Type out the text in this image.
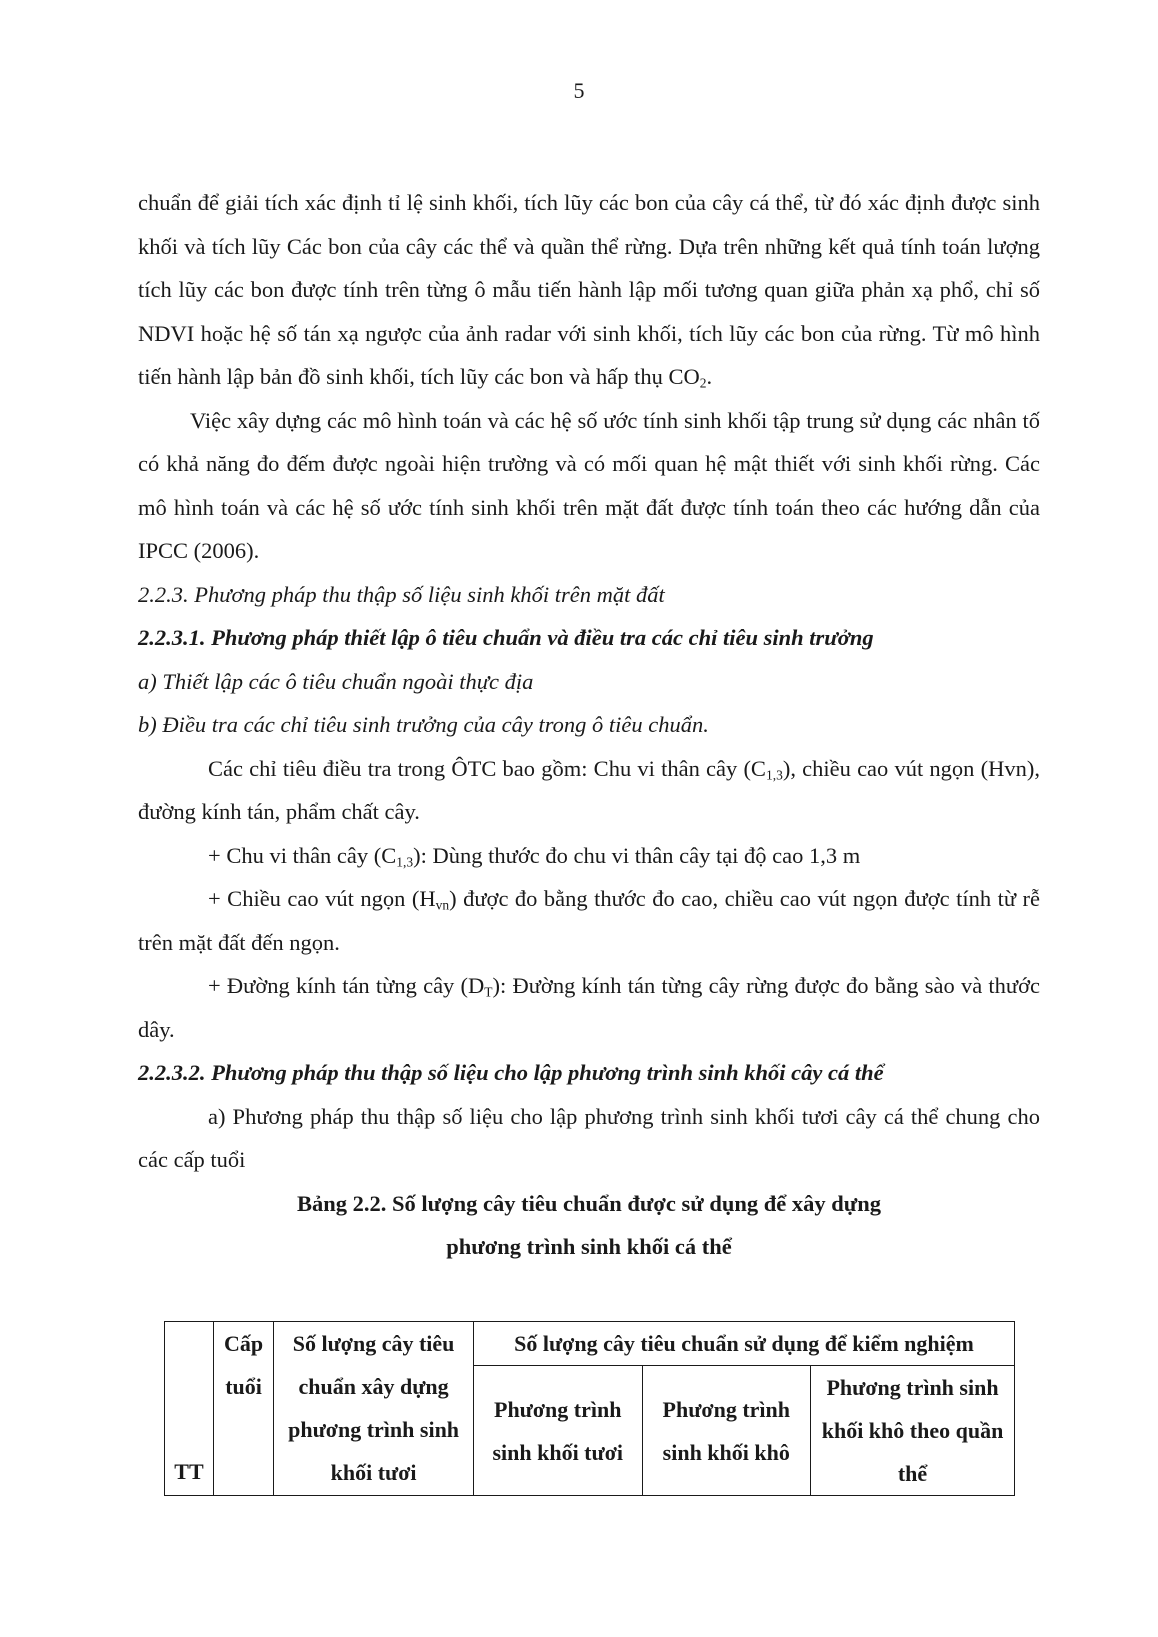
5

chuẩn để giải tích xác định tỉ lệ sinh khối, tích lũy các bon của cây cá thể, từ đó xác định được sinh khối và tích lũy Các bon của cây các thể và quần thể rừng. Dựa trên những kết quả tính toán lượng tích lũy các bon được tính trên từng ô mẫu tiến hành lập mối tương quan giữa phản xạ phổ, chỉ số NDVI hoặc hệ số tán xạ ngược của ảnh radar với sinh khối, tích lũy các bon của rừng. Từ mô hình tiến hành lập bản đồ sinh khối, tích lũy các bon và hấp thụ $CO_2$.

Việc xây dựng các mô hình toán và các hệ số ước tính sinh khối tập trung sử dụng các nhân tố có khả năng đo đếm được ngoài hiện trường và có mối quan hệ mật thiết với sinh khối rừng. Các mô hình toán và các hệ số ước tính sinh khối trên mặt đất được tính toán theo các hướng dẫn của IPCC (2006).

2.2.3. Phương pháp thu thập số liệu sinh khối trên mặt đất

2.2.3.1. Phương pháp thiết lập ô tiêu chuẩn và điều tra các chỉ tiêu sinh trưởng

a) Thiết lập các ô tiêu chuẩn ngoài thực địa

b) Điều tra các chỉ tiêu sinh trưởng của cây trong ô tiêu chuẩn.

Các chỉ tiêu điều tra trong ÔTC bao gồm: Chu vi thân cây $(C_{1,3})$, chiều cao vút ngọn (Hvn), đường kính tán, phẩm chất cây.

+ Chu vi thân cây $(C_{1,3})$: Dùng thước đo chu vi thân cây tại độ cao 1,3 m

+ Chiều cao vút ngọn $(H_{vn})$ được đo bằng thước đo cao, chiều cao vút ngọn được tính từ rễ trên mặt đất đến ngọn.

+ Đường kính tán từng cây $(D_T)$: Đường kính tán từng cây rừng được đo bằng sào và thước dây.

2.2.3.2. Phương pháp thu thập số liệu cho lập phương trình sinh khối cây cá thể

a) Phương pháp thu thập số liệu cho lập phương trình sinh khối tươi cây cá thể chung cho các cấp tuổi

Bảng 2.2. Số lượng cây tiêu chuẩn được sử dụng để xây dựng

phương trình sinh khối cá thể

TT	Cấp tuổi	Số lượng cây tiêu chuẩn xây dựng phương trình sinh khối tươi	Số lượng cây tiêu chuẩn sử dụng để kiểm nghiệm		
			Phương trình sinh khối tươi	Phương trình sinh khối khô	Phương trình sinh khối khô theo quần thể
